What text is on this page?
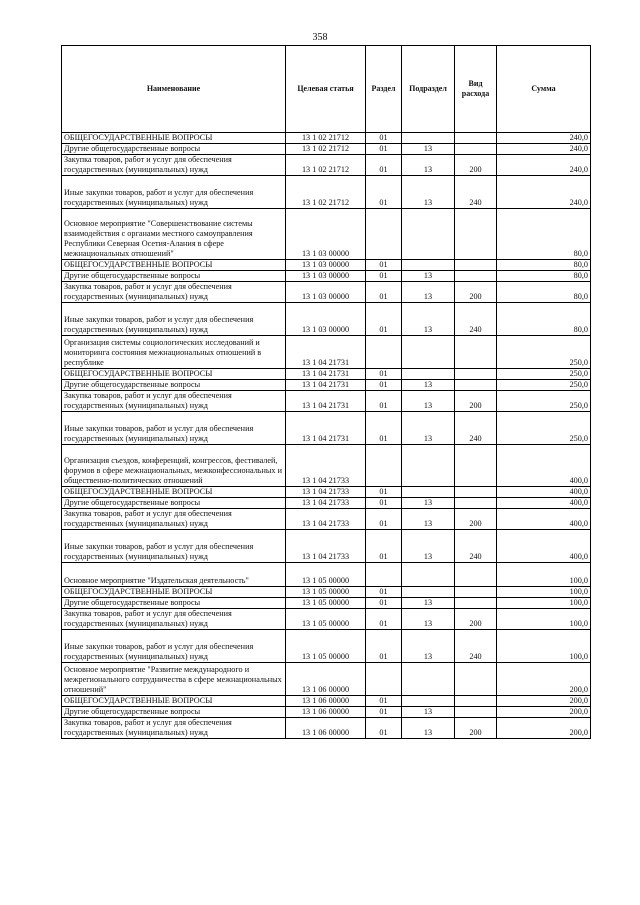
358
Наименование	Целевая статья	Раздел	Подраздел	Вид расхода	Сумма
ОБЩЕГОСУДАРСТВЕННЫЕ ВОПРОСЫ	13 1 02 21712	01			240,0
Другие общегосударственные вопросы	13 1 02 21712	01	13		240,0
Закупка товаров, работ и услуг для обеспечения государственных (муниципальных) нужд	13 1 02 21712	01	13	200	240,0
Иные закупки товаров, работ и услуг для обеспечения государственных (муниципальных) нужд	13 1 02 21712	01	13	240	240,0
Основное мероприятие "Совершенствование системы взаимодействия с органами местного самоуправления Республики Северная Осетия-Алания в сфере межнациональных отношений"	13 1 03 00000				80,0
ОБЩЕГОСУДАРСТВЕННЫЕ ВОПРОСЫ	13 1 03 00000	01			80,0
Другие общегосударственные вопросы	13 1 03 00000	01	13		80,0
Закупка товаров, работ и услуг для обеспечения государственных (муниципальных) нужд	13 1 03 00000	01	13	200	80,0
Иные закупки товаров, работ и услуг для обеспечения государственных (муниципальных) нужд	13 1 03 00000	01	13	240	80,0
Организация системы социологических исследований и мониторинга состояния межнациональных отношений в республике	13 1 04 21731				250,0
ОБЩЕГОСУДАРСТВЕННЫЕ ВОПРОСЫ	13 1 04 21731	01			250,0
Другие общегосударственные вопросы	13 1 04 21731	01	13		250,0
Закупка товаров, работ и услуг для обеспечения государственных (муниципальных) нужд	13 1 04 21731	01	13	200	250,0
Иные закупки товаров, работ и услуг для обеспечения государственных (муниципальных) нужд	13 1 04 21731	01	13	240	250,0
Организация съездов, конференций, конгрессов, фестивалей, форумов в сфере межнациональных, межконфессиональных и общественно-политических отношений	13 1 04 21733				400,0
ОБЩЕГОСУДАРСТВЕННЫЕ ВОПРОСЫ	13 1 04 21733	01			400,0
Другие общегосударственные вопросы	13 1 04 21733	01	13		400,0
Закупка товаров, работ и услуг для обеспечения государственных (муниципальных) нужд	13 1 04 21733	01	13	200	400,0
Иные закупки товаров, работ и услуг для обеспечения государственных (муниципальных) нужд	13 1 04 21733	01	13	240	400,0
Основное мероприятие "Издательская деятельность"	13 1 05 00000				100,0
ОБЩЕГОСУДАРСТВЕННЫЕ ВОПРОСЫ	13 1 05 00000	01			100,0
Другие общегосударственные вопросы	13 1 05 00000	01	13		100,0
Закупка товаров, работ и услуг для обеспечения государственных (муниципальных) нужд	13 1 05 00000	01	13	200	100,0
Иные закупки товаров, работ и услуг для обеспечения государственных (муниципальных) нужд	13 1 05 00000	01	13	240	100,0
Основное мероприятие "Развитие международного и межрегионального сотрудничества в сфере межнациональных отношений"	13 1 06 00000				200,0
ОБЩЕГОСУДАРСТВЕННЫЕ ВОПРОСЫ	13 1 06 00000	01			200,0
Другие общегосударственные вопросы	13 1 06 00000	01	13		200,0
Закупка товаров, работ и услуг для обеспечения государственных (муниципальных) нужд	13 1 06 00000	01	13	200	200,0
